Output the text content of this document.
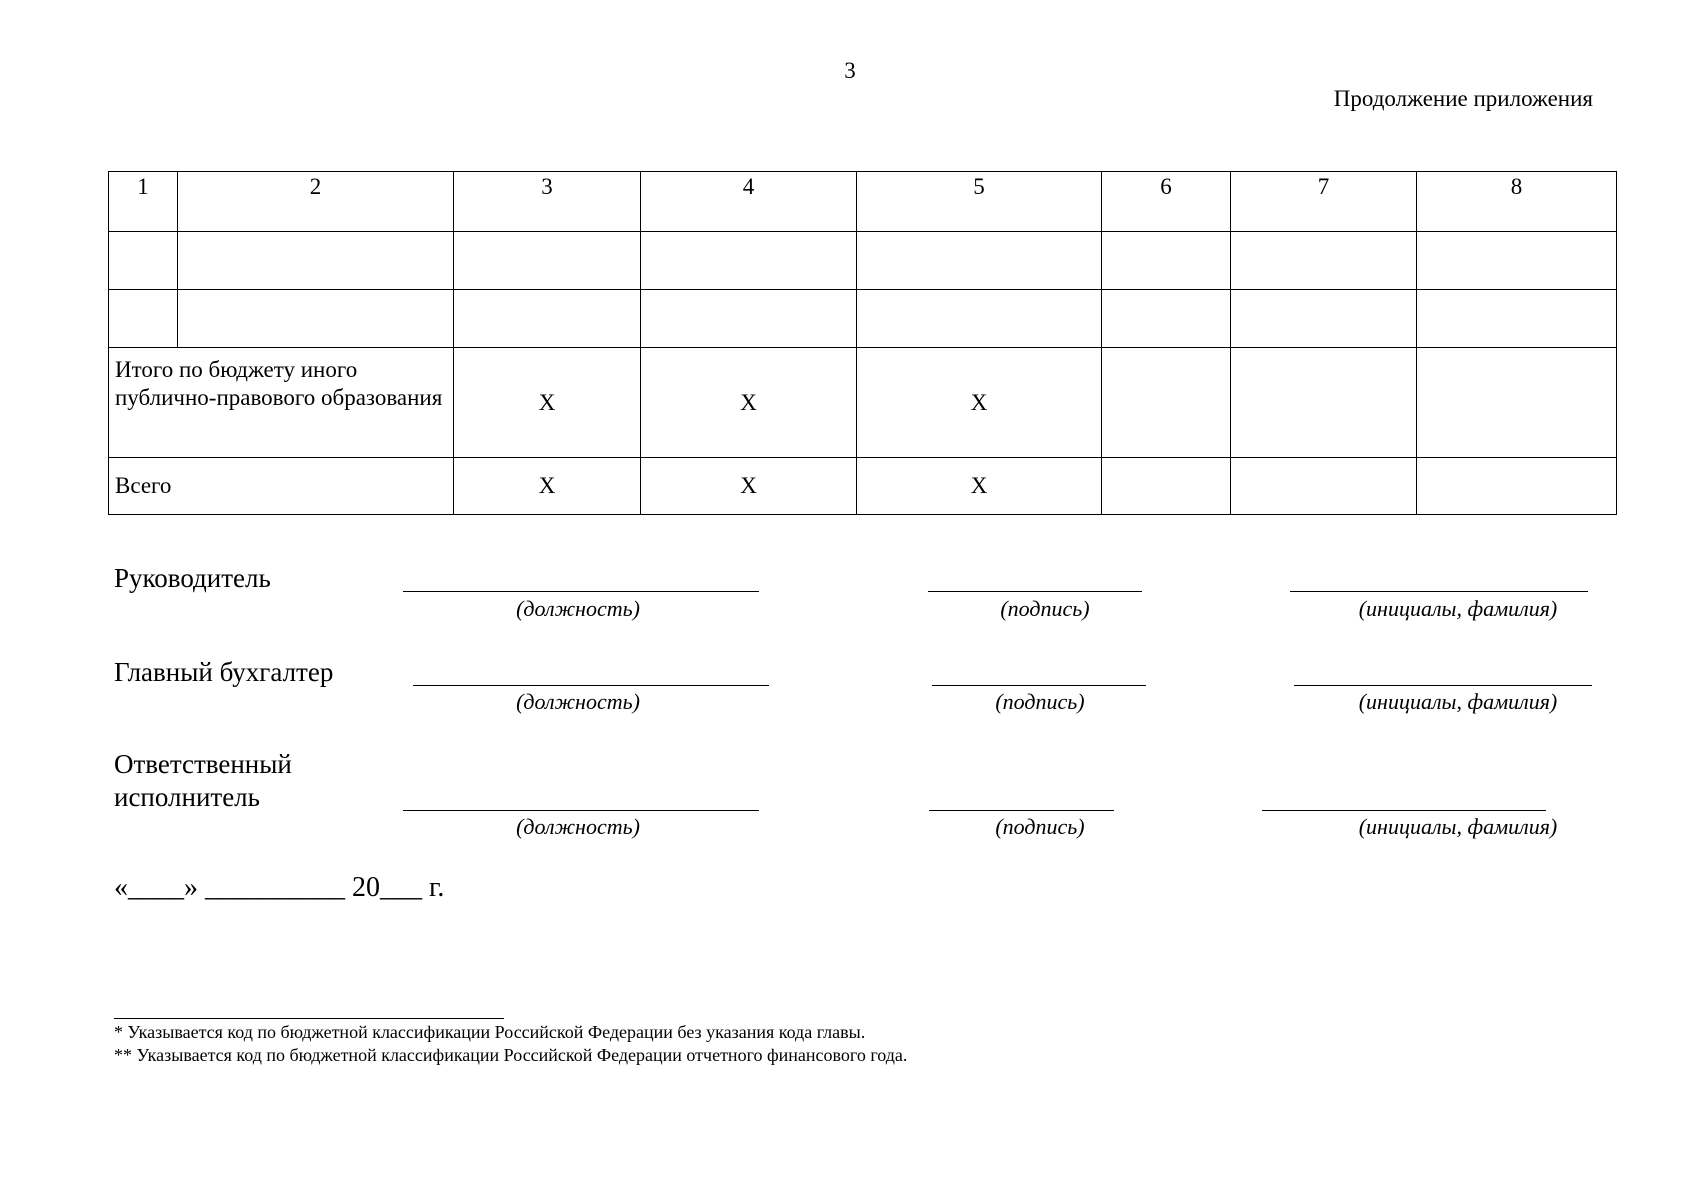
3
Продолжение приложения
1	2	3	4	5	6	7	8

Итого по бюджету иного публично-правового образования		X	X	X			
Всего		X	X	X			
Руководитель
(должность)	(подпись)	(инициалы, фамилия)
Главный бухгалтер
(должность)	(подпись)	(инициалы, фамилия)
Ответственный исполнитель
(должность)	(подпись)	(инициалы, фамилия)
«____» __________ 20___ г.
* Указывается код по бюджетной классификации Российской Федерации без указания кода главы.
** Указывается код по бюджетной классификации Российской Федерации отчетного финансового года.
